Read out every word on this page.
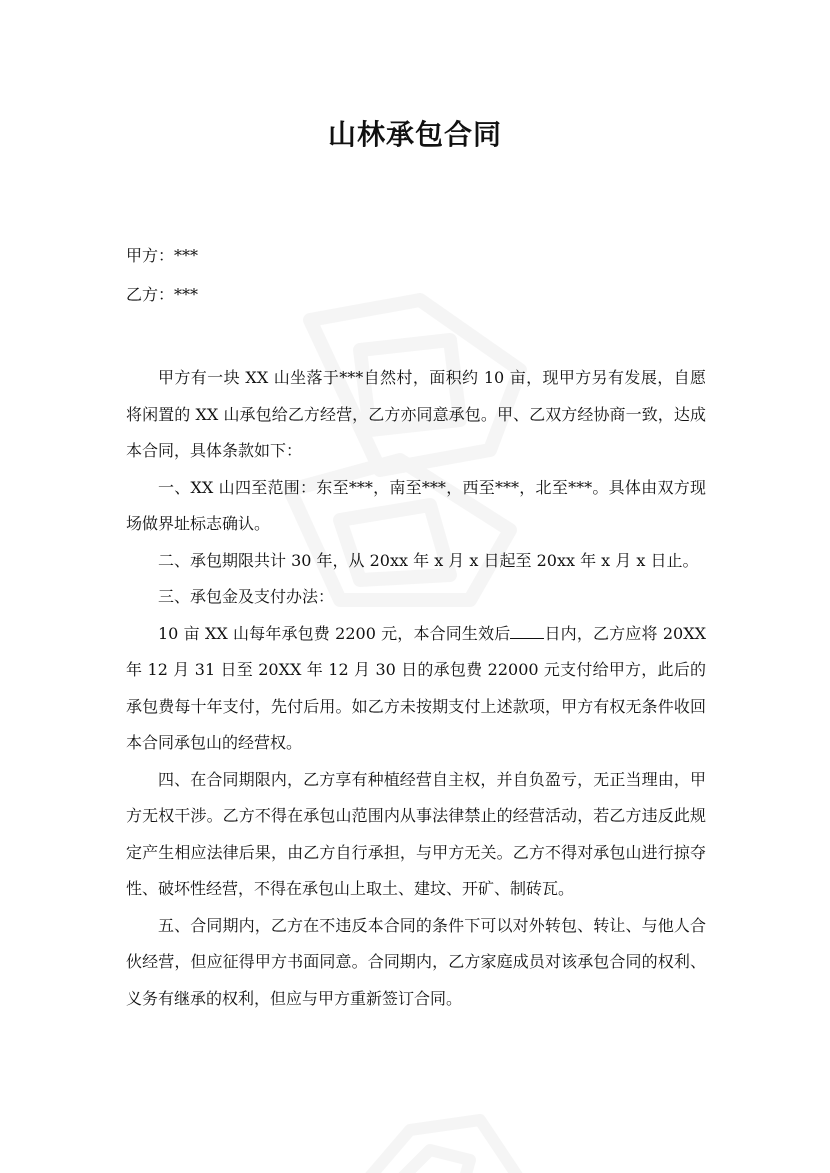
山林承包合同
甲方：***
乙方：***

甲方有一块 XX 山坐落于***自然村，面积约 10 亩，现甲方另有发展，自愿将闲置的 XX 山承包给乙方经营，乙方亦同意承包。甲、乙双方经协商一致，达成本合同，具体条款如下：

一、XX 山四至范围：东至***，南至***，西至***，北至***。具体由双方现场做界址标志确认。

二、承包期限共计 30 年，从 20xx 年 x 月 x 日起至 20xx 年 x 月 x 日止。

三、承包金及支付办法：

10 亩 XX 山每年承包费 2200 元，本合同生效后 日内，乙方应将 20XX 年 12 月 31 日至 20XX 年 12 月 30 日的承包费 22000 元支付给甲方，此后的承包费每十年支付，先付后用。如乙方未按期支付上述款项，甲方有权无条件收回本合同承包山的经营权。

四、在合同期限内，乙方享有种植经营自主权，并自负盈亏，无正当理由，甲方无权干涉。乙方不得在承包山范围内从事法律禁止的经营活动，若乙方违反此规定产生相应法律后果，由乙方自行承担，与甲方无关。乙方不得对承包山进行掠夺性、破坏性经营，不得在承包山上取土、建坟、开矿、制砖瓦。

五、合同期内，乙方在不违反本合同的条件下可以对外转包、转让、与他人合伙经营，但应征得甲方书面同意。合同期内，乙方家庭成员对该承包合同的权利、义务有继承的权利，但应与甲方重新签订合同。
